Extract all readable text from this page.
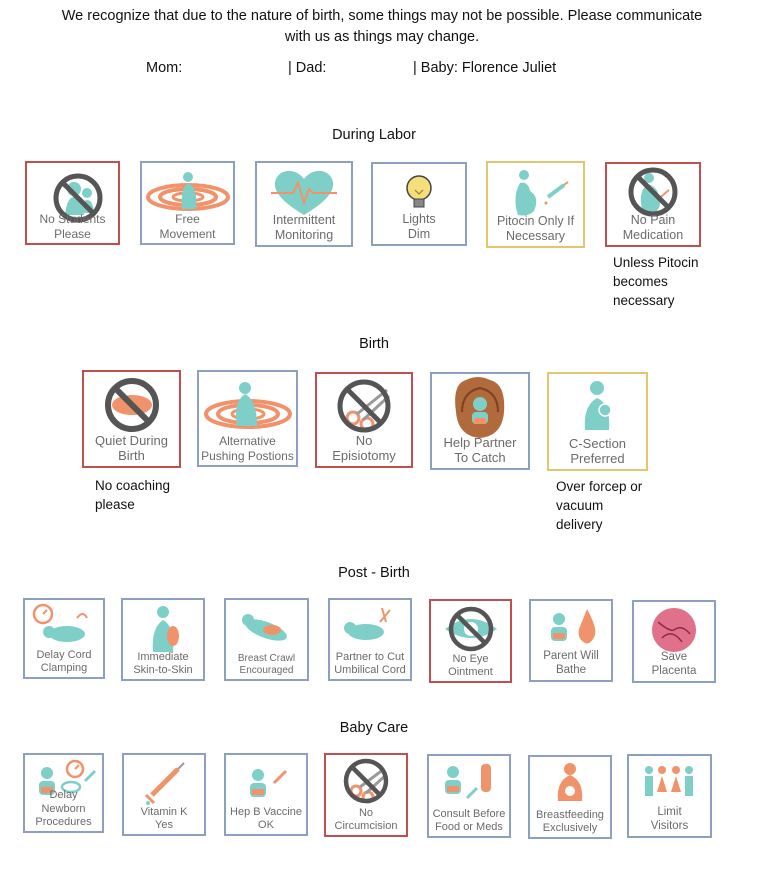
We recognize that due to the nature of birth, some things may not be possible. Please communicate
with us as things may change.
Mom:	| Dad:	| Baby: Florence Juliet
During Labor
No Students
Please
Free
Movement
Intermittent
Monitoring
Lights
Dim
Pitocin Only If
Necessary
No Pain
Medication
Unless Pitocin
becomes
necessary
Birth
Quiet During
Birth
Alternative
Pushing Postions
No
Episiotomy
Help Partner
To Catch
C-Section
Preferred
No coaching
please
Over forcep or
vacuum
delivery
Post - Birth
Delay Cord
Clamping
Immediate
Skin-to-Skin
Breast Crawl
Encouraged
Partner to Cut
Umbilical Cord
No Eye
Ointment
Parent Will
Bathe
Save
Placenta
Baby Care
Delay Newborn
Procedures
Vitamin K
Yes
Hep B Vaccine
OK
No
Circumcision
Consult Before
Food or Meds
Breastfeeding
Exclusively
Limit
Visitors
